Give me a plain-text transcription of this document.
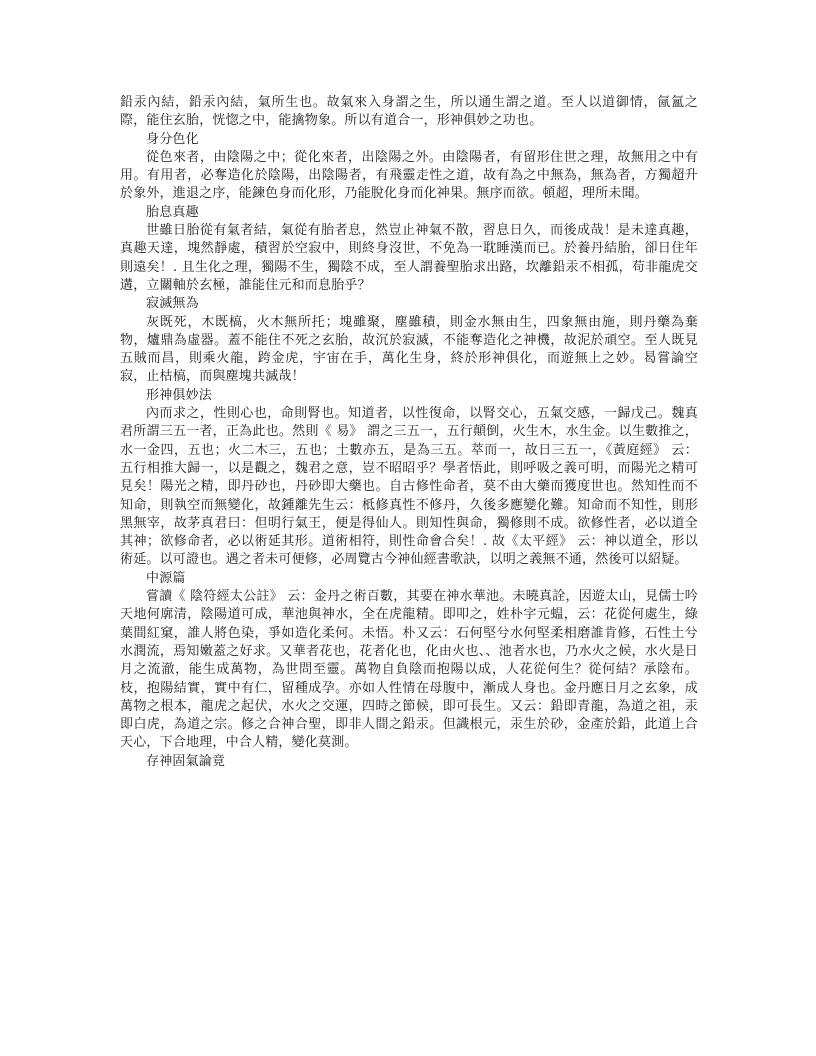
鉛汞內結，鉛汞內結，氣所生也。故氣來入身謂之生，所以通生謂之道。至人以道御情，氤氳之際，能住玄胎，恍惚之中，能擒物象。所以有道合一，形神俱妙之功也。

身分色化

從色來者，由陰陽之中；從化來者，出陰陽之外。由陰陽者，有留形住世之理，故無用之中有用。有用者，必奪造化於陰陽，出陰陽者，有飛靈走性之道，故有為之中無為，無為者，方獨超升於象外，進退之序，能鍊色身而化形，乃能脫化身而化神果。無序而欲。頓超，理所未聞。

胎息真趣

世雖日胎從有氣者結，氣從有胎者息，然豈止神氣不散，習息日久，而後成哉！是未達真趣，真趣天達，塊然靜處，積習於空寂中，則終身沒世，不免為一耽睡漢而已。於養丹結胎，卻日住年則遠矣！. 且生化之理，獨陽不生，獨陰不成，至人謂養聖胎求出路，坎離鉛汞不相孤，苟非龍虎交遘，立關軸於玄極，誰能住元和而息胎乎？

寂滅無為

灰既死，木既槁，火木無所托；塊雖聚，塵雖積，則金水無由生，四象無由施，則丹藥為棄物，爐鼎為虛器。蓋不能住不死之玄胎，故沉於寂滅，不能奪造化之神機，故泥於頑空。至人既見五賊而昌，則乘火龍，跨金虎，宇宙在手，萬化生身，終於形神俱化，而遊無上之妙。曷嘗論空寂，止枯槁，而與塵塊共滅哉！

形神俱妙法

內而求之，性則心也，命則腎也。知道者，以性復命，以腎交心，五氣交感，一歸戊己。魏真君所謂三五一者，正為此也。然則《 易》 謂之三五一，五行顛倒，火生木，水生金。以生數推之，水一金四，五也；火二木三，五也；土數亦五，是為三五。萃而一，故日三五一，《黃庭經》 云：五行相推大歸一，以是觀之，魏君之意，豈不昭昭乎？學者悟此，則呼吸之義可明，而陽光之精可見矣！陽光之精，即丹砂也，丹砂即大藥也。自古修性命者，莫不由大藥而獲度世也。然知性而不知命，則執空而無變化，故鍾離先生云：柢修真性不修丹，久後多應變化難。知命而不知性，則形黑無宰，故茅真君曰：但明行氣王，便是得仙人。則知性與命，獨修則不成。欲修性者，必以道全其神；欲修命者，必以術延其形。道術相符，則性命會合矣！. 故《太平經》 云：神以道全，形以術延。以可證也。遇之者未可便修，必周覽古今神仙經書歌訣，以明之義無不通，然後可以紹疑。

中源篇

嘗讀《 陰符經太公註》 云：金丹之術百數，其要在神水華池。未曉真詮，因遊太山，見儒士吟天地何廓清，陰陽道可成，華池與神水，全在虎龍精。即叩之，姓朴字元蝹，云：花從何處生，綠葉間紅窠，誰人將色染，爭如造化柔何。未悟。朴又云：石何堅兮水何堅柔相磨誰肯修，石性土兮水潤流，焉知嫩蓋之好求。又華者花也，花者化也，化由火也、、池者水也，乃水火之候，水火是日月之流澈，能生成萬物，為世問至靈。萬物自負陰而抱陽以成，人花從何生？從何結？承陰布。枝，抱陽結實，實中有仁，留種成孕。亦如人性情在母腹中，漸成人身也。金丹應日月之玄象，成萬物之根本，龍虎之起伏，水火之交運，四時之節候，即可長生。又云：鉛即青龍，為道之祖，汞即白虎，為道之宗。修之合神合聖，即非人間之鉛汞。但識根元，汞生於砂，金產於鉛，此道上合天心，下合地理，中合人精，變化莫測。

存神固氣論竟
